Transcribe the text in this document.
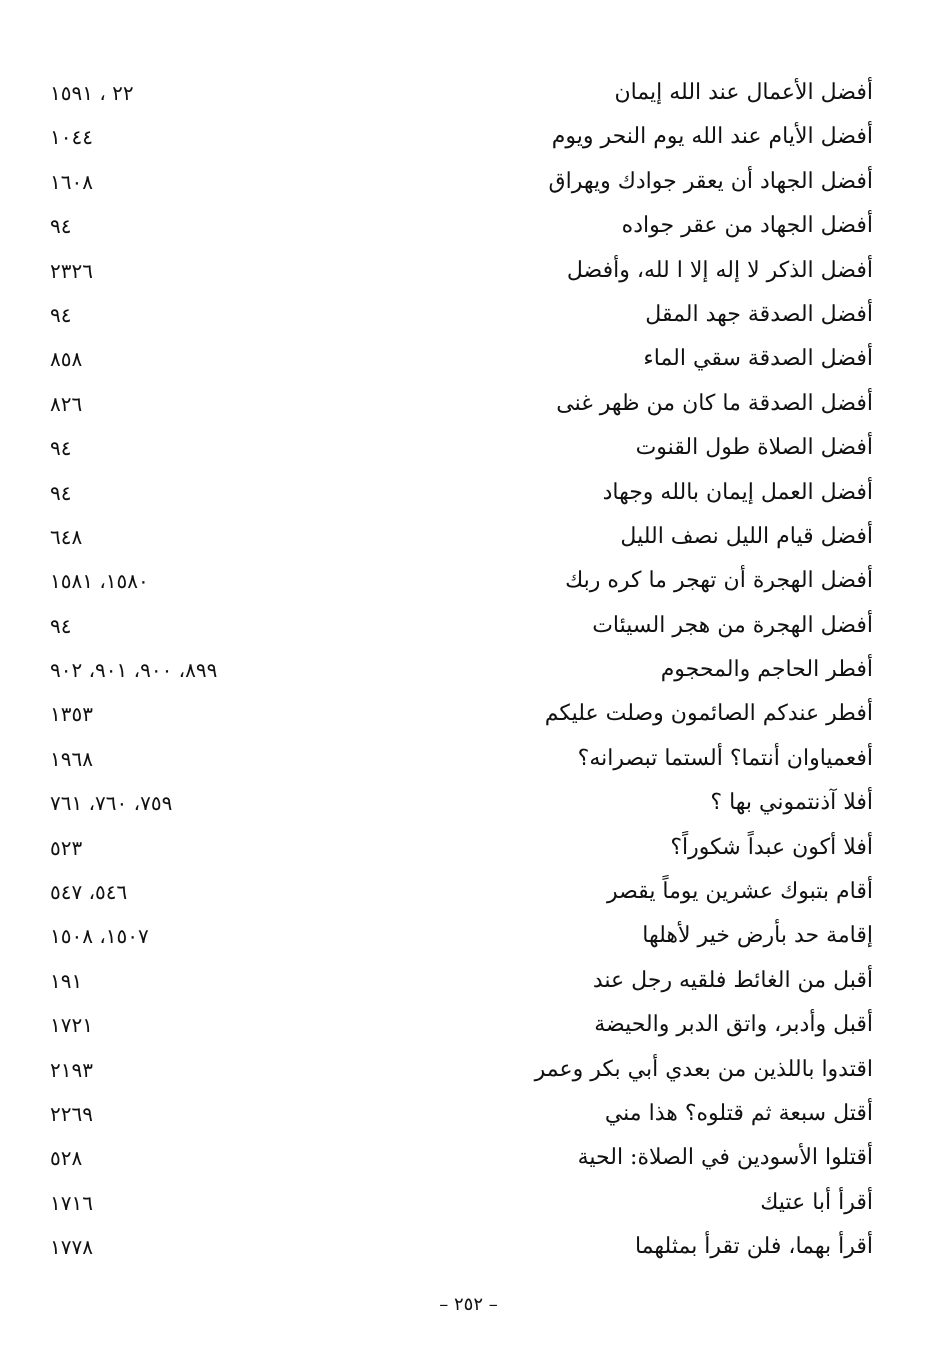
أفضل الأعمال عند الله إيمان
٢٢ ، ١٥٩١
أفضل الأيام عند الله يوم النحر ويوم
١٠٤٤
أفضل الجهاد أن يعقر جوادك ويهراق
١٦٠٨
أفضل الجهاد من عقر جواده
٩٤
أفضل الذكر لا إله إلا ا لله، وأفضل
٢٣٢٦
أفضل الصدقة جهد المقل
٩٤
أفضل الصدقة سقي الماء
٨٥٨
أفضل الصدقة ما كان من ظهر غنى
٨٢٦
أفضل الصلاة طول القنوت
٩٤
أفضل العمل إيمان بالله وجهاد
٩٤
أفضل قيام الليل نصف الليل
٦٤٨
أفضل الهجرة أن تهجر ما كره ربك
١٥٨٠، ١٥٨١
أفضل الهجرة من هجر السيئات
٩٤
أفطر الحاجم والمحجوم
٨٩٩، ٩٠٠، ٩٠١، ٩٠٢
أفطر عندكم الصائمون وصلت عليكم
١٣٥٣
أفعمياوان أنتما؟ ألستما تبصرانه؟
١٩٦٨
أفلا آذنتموني بها ؟
٧٥٩، ٧٦٠، ٧٦١
أفلا أكون عبداً شكوراً؟
٥٢٣
أقام بتبوك عشرين يوماً يقصر
٥٤٦، ٥٤٧
إقامة حد بأرض خير لأهلها
١٥٠٧، ١٥٠٨
أقبل من الغائط فلقيه رجل عند
١٩١
أقبل وأدبر، واتق الدبر والحيضة
١٧٢١
اقتدوا باللذين من بعدي أبي بكر وعمر
٢١٩٣
أقتل سبعة ثم قتلوه؟ هذا مني
٢٢٦٩
أقتلوا الأسودين في الصلاة: الحية
٥٢٨
أقرأ أبا عتيك
١٧١٦
أقرأ بهما، فلن تقرأ بمثلهما
١٧٧٨
– ٢٥٢ –
